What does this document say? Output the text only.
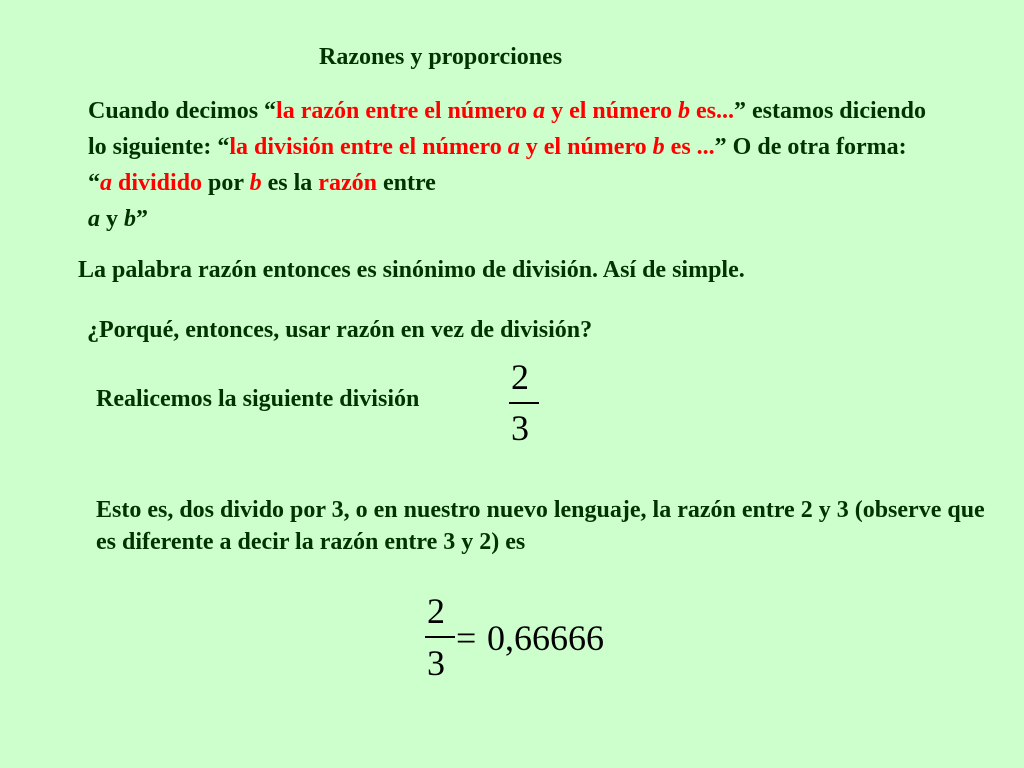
Razones y proporciones
Cuando decimos “la razón entre el número a y el número b es...” estamos diciendo lo siguiente: “la división entre el número a y el número b es ...” O de otra forma: “a dividido por b es la razón entre
a y b”
La palabra razón entonces es sinónimo de división. Así de simple.
¿Porqué, entonces, usar razón en vez de división?
Realicemos la siguiente división
2
3
Esto es, dos divido por 3, o en nuestro nuevo lenguaje, la razón entre 2 y 3 (observe que es diferente a decir la razón entre 3 y 2) es
2
3
= 0,66666
